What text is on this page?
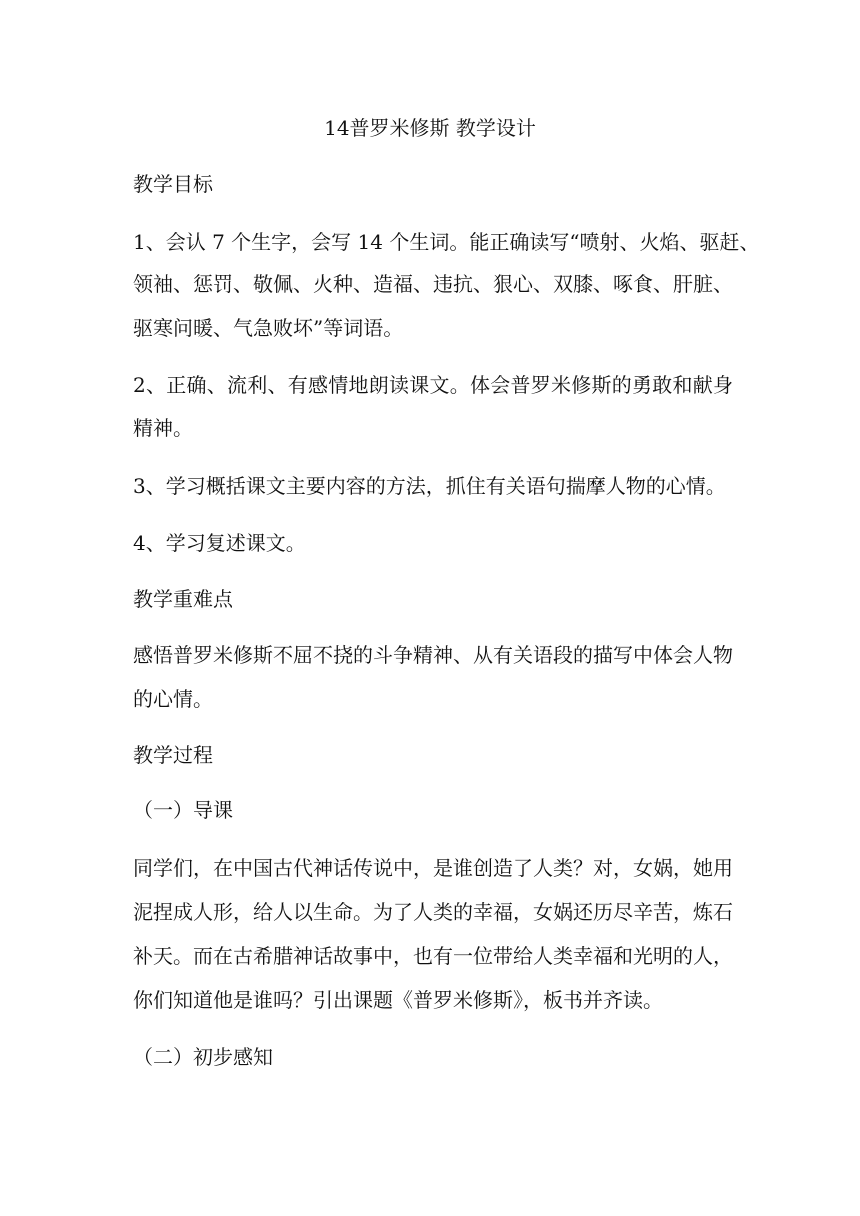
14普罗米修斯 教学设计
教学目标
1、会认 7 个生字，会写 14 个生词。能正确读写“喷射、火焰、驱赶、
领袖、惩罚、敬佩、火种、造福、违抗、狠心、双膝、啄食、肝脏、
驱寒问暖、气急败坏”等词语。
2、正确、流利、有感情地朗读课文。体会普罗米修斯的勇敢和献身
精神。
3、学习概括课文主要内容的方法，抓住有关语句揣摩人物的心情。
4、学习复述课文。
教学重难点
感悟普罗米修斯不屈不挠的斗争精神、从有关语段的描写中体会人物
的心情。
教学过程
（一）导课
同学们，在中国古代神话传说中，是谁创造了人类？对，女娲，她用
泥捏成人形，给人以生命。为了人类的幸福，女娲还历尽辛苦，炼石
补天。而在古希腊神话故事中，也有一位带给人类幸福和光明的人，
你们知道他是谁吗？引出课题《普罗米修斯》，板书并齐读。
（二）初步感知
